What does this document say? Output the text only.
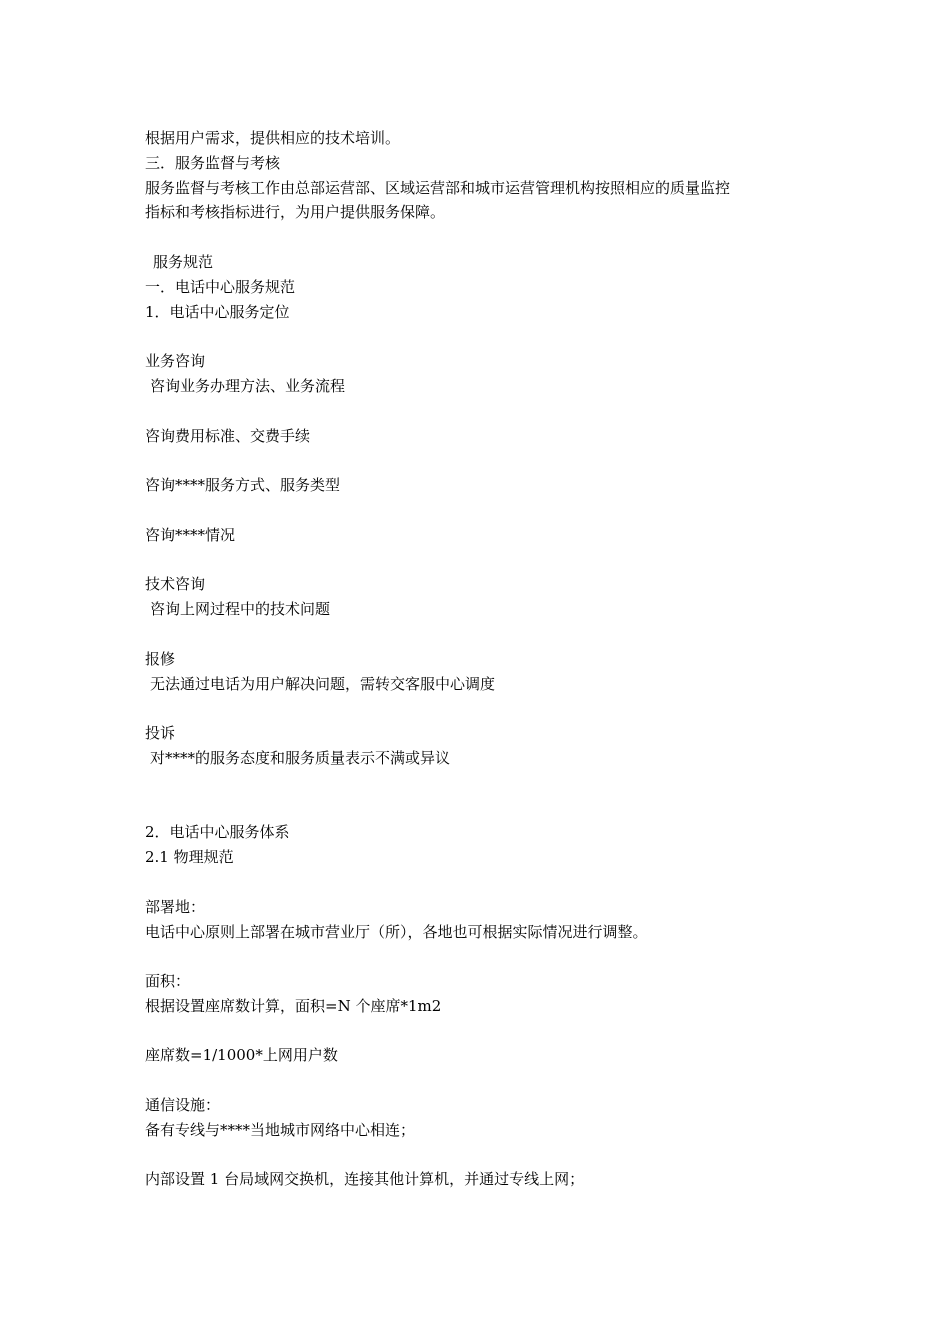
根据用户需求，提供相应的技术培训。
三．服务监督与考核
服务监督与考核工作由总部运营部、区域运营部和城市运营管理机构按照相应的质量监控
指标和考核指标进行，为用户提供服务保障。
服务规范
一．电话中心服务规范
1．电话中心服务定位
业务咨询
咨询业务办理方法、业务流程
咨询费用标准、交费手续
咨询****服务方式、服务类型
咨询****情况
技术咨询
咨询上网过程中的技术问题
报修
无法通过电话为用户解决问题，需转交客服中心调度
投诉
对****的服务态度和服务质量表示不满或异议
2．电话中心服务体系
2.1 物理规范
部署地：
电话中心原则上部署在城市营业厅（所），各地也可根据实际情况进行调整。
面积：
根据设置座席数计算，面积=N 个座席*1m2
座席数=1/1000*上网用户数
通信设施：
备有专线与****当地城市网络中心相连；
内部设置 1 台局域网交换机，连接其他计算机，并通过专线上网；
